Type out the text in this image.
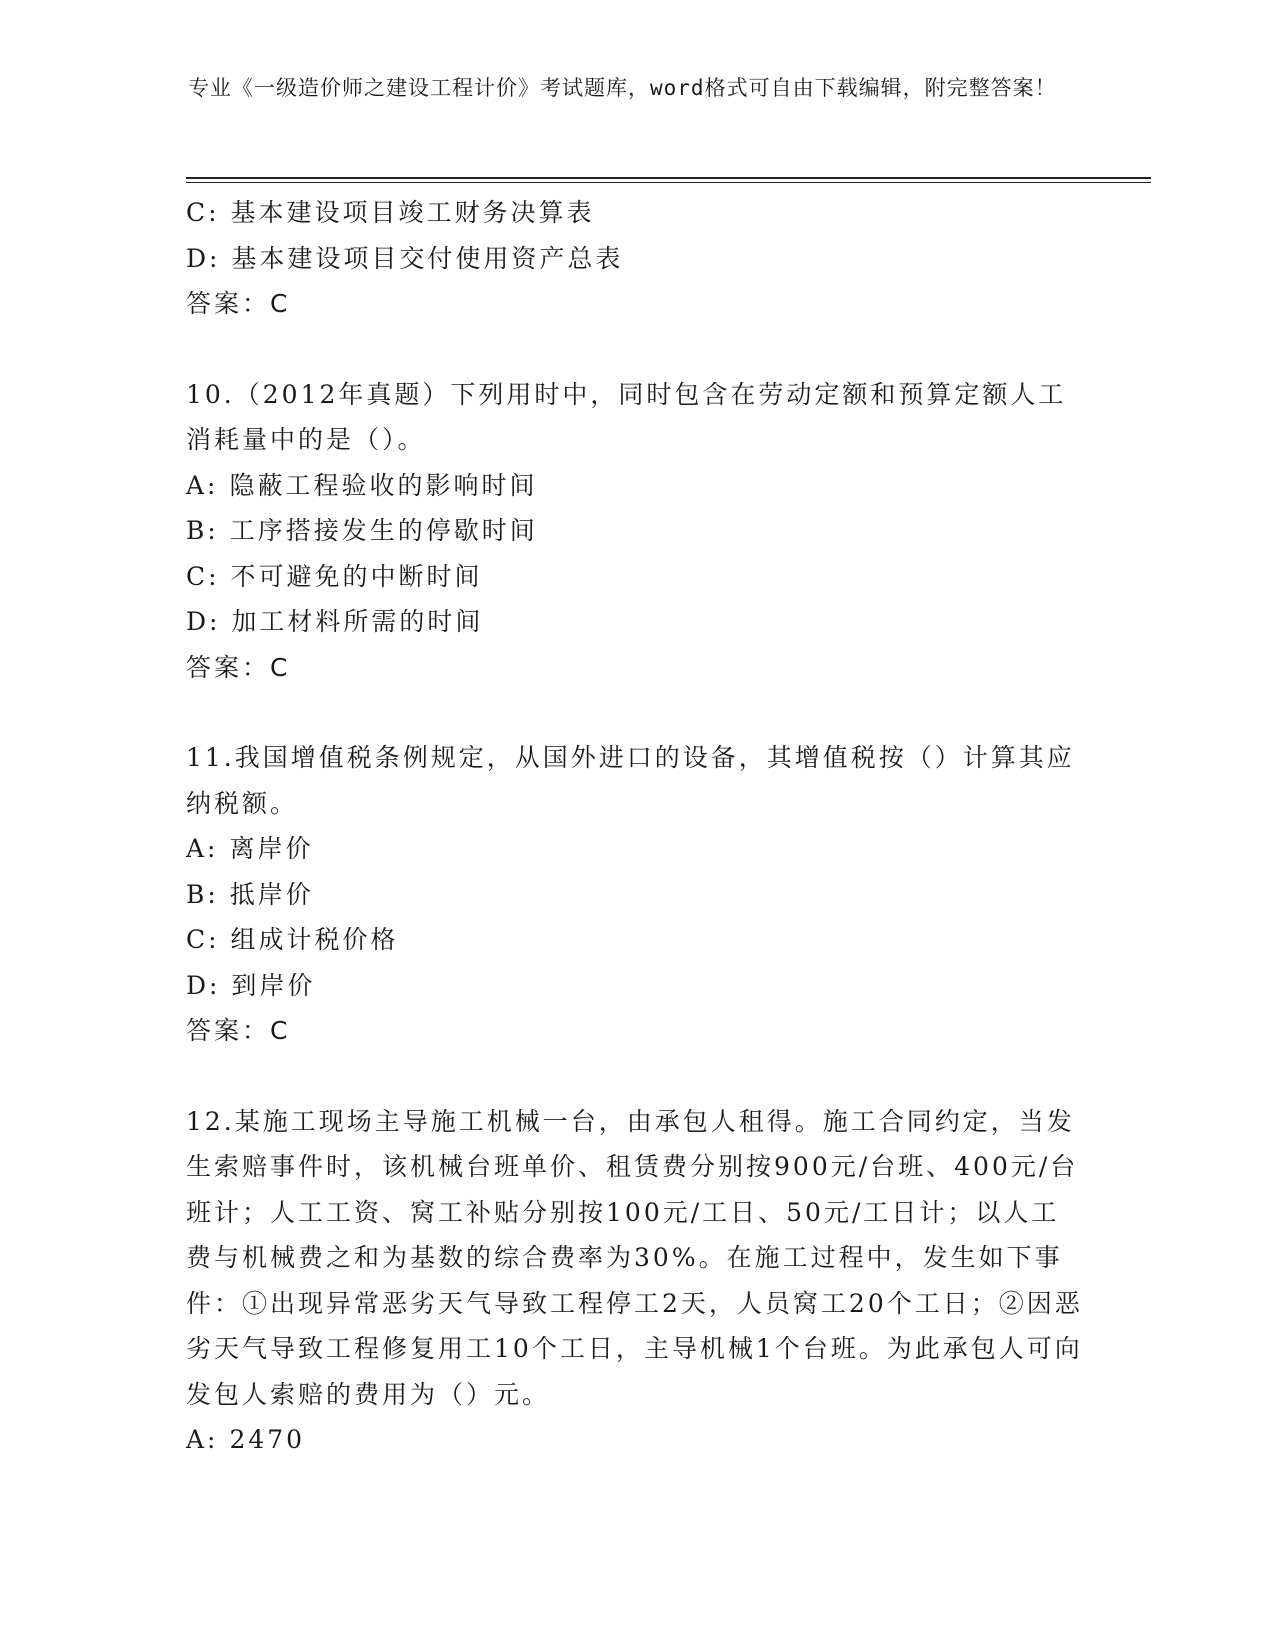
专业《一级造价师之建设工程计价》考试题库，word格式可自由下载编辑，附完整答案！
C: 基本建设项目竣工财务决算表
D: 基本建设项目交付使用资产总表
答案：C
10.（2012年真题）下列用时中，同时包含在劳动定额和预算定额人工消耗量中的是（）。
A: 隐蔽工程验收的影响时间
B: 工序搭接发生的停歇时间
C: 不可避免的中断时间
D: 加工材料所需的时间
答案：C
11.我国增值税条例规定，从国外进口的设备，其增值税按（）计算其应纳税额。
A: 离岸价
B: 抵岸价
C: 组成计税价格
D: 到岸价
答案：C
12.某施工现场主导施工机械一台，由承包人租得。施工合同约定，当发生索赔事件时，该机械台班单价、租赁费分别按900元/台班、400元/台班计；人工工资、窝工补贴分别按100元/工日、50元/工日计；以人工费与机械费之和为基数的综合费率为30%。在施工过程中，发生如下事件：①出现异常恶劣天气导致工程停工2天，人员窝工20个工日；②因恶劣天气导致工程修复用工10个工日，主导机械1个台班。为此承包人可向发包人索赔的费用为（）元。
A: 2470
